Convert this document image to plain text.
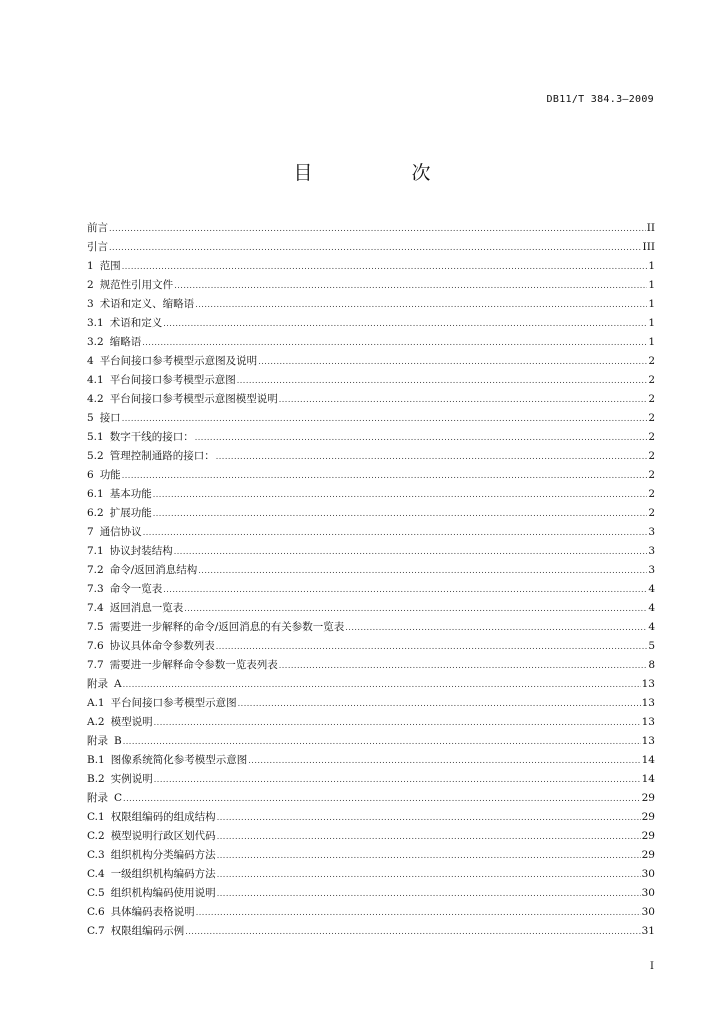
DB11/T 384.3—2009
目　次
前言 .....	II
引言 .....	III
1 范围 .....	1
2 规范性引用文件 .....	1
3 术语和定义、缩略语 .....	1
3.1 术语和定义 .....	1
3.2 缩略语 .....	1
4 平台间接口参考模型示意图及说明 .....	2
4.1 平台间接口参考模型示意图 .....	2
4.2 平台间接口参考模型示意图模型说明 .....	2
5 接口 .....	2
5.1 数字干线的接口： .....	2
5.2 管理控制通路的接口： .....	2
6 功能 .....	2
6.1 基本功能 .....	2
6.2 扩展功能 .....	2
7 通信协议 .....	3
7.1 协议封装结构 .....	3
7.2 命令/返回消息结构 .....	3
7.3 命令一览表 .....	4
7.4 返回消息一览表 .....	4
7.5 需要进一步解释的命令/返回消息的有关参数一览表 .....	4
7.6 协议具体命令参数列表 .....	5
7.7 需要进一步解释命令参数一览表列表 .....	8
附录 A .....	13
A.1 平台间接口参考模型示意图 .....	13
A.2 模型说明 .....	13
附录 B .....	13
B.1 图像系统简化参考模型示意图 .....	14
B.2 实例说明 .....	14
附录 C .....	29
C.1 权限组编码的组成结构 .....	29
C.2 模型说明行政区划代码 .....	29
C.3 组织机构分类编码方法 .....	29
C.4 一级组织机构编码方法 .....	30
C.5 组织机构编码使用说明 .....	30
C.6 具体编码表格说明 .....	30
C.7 权限组编码示例 .....	31
I
